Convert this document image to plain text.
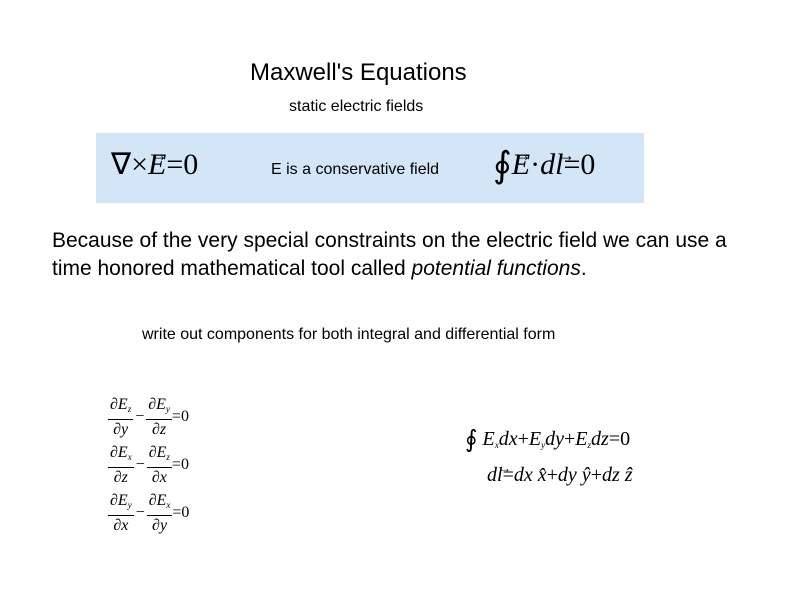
Maxwell's Equations
static electric fields
∇×→ E=0	E is a conservative field ∮→ E·d→ l=0
Because of the very special constraints on the electric field we can use a time honored mathematical tool called potential functions.
write out components for both integral and differential form
$\frac{\partial E_z}{\partial y} - \frac{\partial E_y}{\partial z} =0$
$\frac{\partial E_x}{\partial z} - \frac{\partial E_z}{\partial x} =0$
$\frac{\partial E_y}{\partial x} - \frac{\partial E_x}{\partial y} =0$
∮ $E_xdx+E_ydy+E_zdz=0$
d→ l=dx x̂+dy ŷ+dz ẑ
